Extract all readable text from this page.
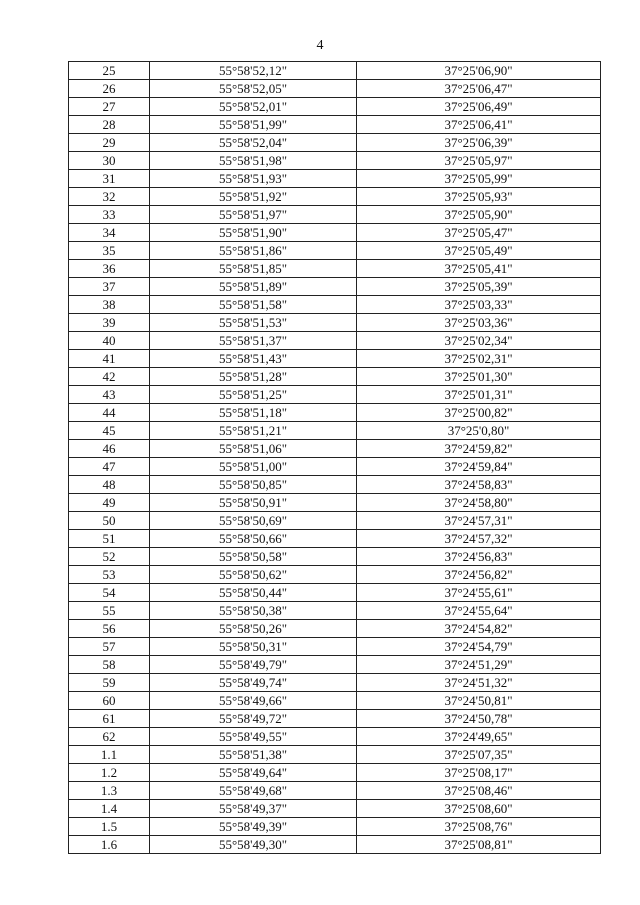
4
25	55°58'52,12"	37°25'06,90"
26	55°58'52,05"	37°25'06,47"
27	55°58'52,01"	37°25'06,49"
28	55°58'51,99"	37°25'06,41"
29	55°58'52,04"	37°25'06,39"
30	55°58'51,98"	37°25'05,97"
31	55°58'51,93"	37°25'05,99"
32	55°58'51,92"	37°25'05,93"
33	55°58'51,97"	37°25'05,90"
34	55°58'51,90"	37°25'05,47"
35	55°58'51,86"	37°25'05,49"
36	55°58'51,85"	37°25'05,41"
37	55°58'51,89"	37°25'05,39"
38	55°58'51,58"	37°25'03,33"
39	55°58'51,53"	37°25'03,36"
40	55°58'51,37"	37°25'02,34"
41	55°58'51,43"	37°25'02,31"
42	55°58'51,28"	37°25'01,30"
43	55°58'51,25"	37°25'01,31"
44	55°58'51,18"	37°25'00,82"
45	55°58'51,21"	37°25'0,80"
46	55°58'51,06"	37°24'59,82"
47	55°58'51,00"	37°24'59,84"
48	55°58'50,85"	37°24'58,83"
49	55°58'50,91"	37°24'58,80"
50	55°58'50,69"	37°24'57,31"
51	55°58'50,66"	37°24'57,32"
52	55°58'50,58"	37°24'56,83"
53	55°58'50,62"	37°24'56,82"
54	55°58'50,44"	37°24'55,61"
55	55°58'50,38"	37°24'55,64"
56	55°58'50,26"	37°24'54,82"
57	55°58'50,31"	37°24'54,79"
58	55°58'49,79"	37°24'51,29"
59	55°58'49,74"	37°24'51,32"
60	55°58'49,66"	37°24'50,81"
61	55°58'49,72"	37°24'50,78"
62	55°58'49,55"	37°24'49,65"
1.1	55°58'51,38"	37°25'07,35"
1.2	55°58'49,64"	37°25'08,17"
1.3	55°58'49,68"	37°25'08,46"
1.4	55°58'49,37"	37°25'08,60"
1.5	55°58'49,39"	37°25'08,76"
1.6	55°58'49,30"	37°25'08,81"
